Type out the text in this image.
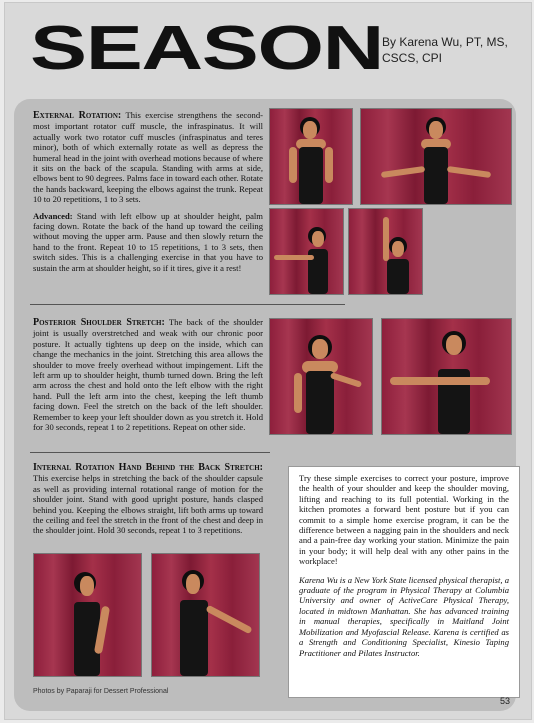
SEASON
By Karena Wu, PT, MS, CSCS, CPI

External Rotation: This exercise strengthens the second-most important rotator cuff muscle, the infraspinatus. It will actually work two rotator cuff muscles (infraspinatus and teres minor), both of which externally rotate as well as depress the humeral head in the joint with overhead motions because of where it sits on the back of the scapula. Standing with arms at side, elbows bent to 90 degrees. Palms face in toward each other. Rotate the hands backward, keeping the elbows against the trunk. Repeat 10 to 20 repetitions, 1 to 3 sets.

Advanced: Stand with left elbow up at shoulder height, palm facing down. Rotate the back of the hand up toward the ceiling without moving the upper arm. Pause and then slowly return the hand to the front. Repeat 10 to 15 repetitions, 1 to 3 sets, then switch sides. This is a challenging exercise in that you have to sustain the arm at shoulder height, so if it tires, give it a rest!

Posterior Shoulder Stretch: The back of the shoulder joint is usually overstretched and weak with our chronic poor posture. It actually tightens up deep on the inside, which can change the mechanics in the joint. Stretching this area allows the shoulder to move freely overhead without impingement. Lift the left arm up to shoulder height, thumb turned down. Bring the left arm across the chest and hold onto the left elbow with the right hand. Pull the left arm into the chest, keeping the left thumb facing down. Feel the stretch on the back of the left shoulder. Remember to keep your left shoulder down as you stretch it. Hold for 30 seconds, repeat 1 to 2 repetitions. Repeat on other side.

Internal Rotation Hand Behind the Back Stretch: This exercise helps in stretching the back of the shoulder capsule as well as providing internal rotational range of motion for the shoulder joint. Stand with good upright posture, hands clasped behind you. Keeping the elbows straight, lift both arms up toward the ceiling and feel the stretch in the front of the chest and deep in the shoulder joint. Hold 30 seconds, repeat 1 to 3 repetitions.

Try these simple exercises to correct your posture, improve the health of your shoulder and keep the shoulder moving, lifting and reaching to its full potential. Working in the kitchen promotes a forward bent posture but if you can commit to a simple home exercise program, it can be the difference between a nagging pain in the shoulders and neck and a pain-free day working your station. Minimize the pain in your body; it will help deal with any other pains in the workplace!

Karena Wu is a New York State licensed physical therapist, a graduate of the program in Physical Therapy at Columbia University and owner of ActiveCare Physical Therapy, located in midtown Manhattan. She has advanced training in manual therapies, specifically in Maitland Joint Mobilization and Myofascial Release. Karena is certified as a Strength and Conditioning Specialist, Kinesio Taping Practitioner and Pilates Instructor.

Photos by Paparaji for Dessert Professional
53
